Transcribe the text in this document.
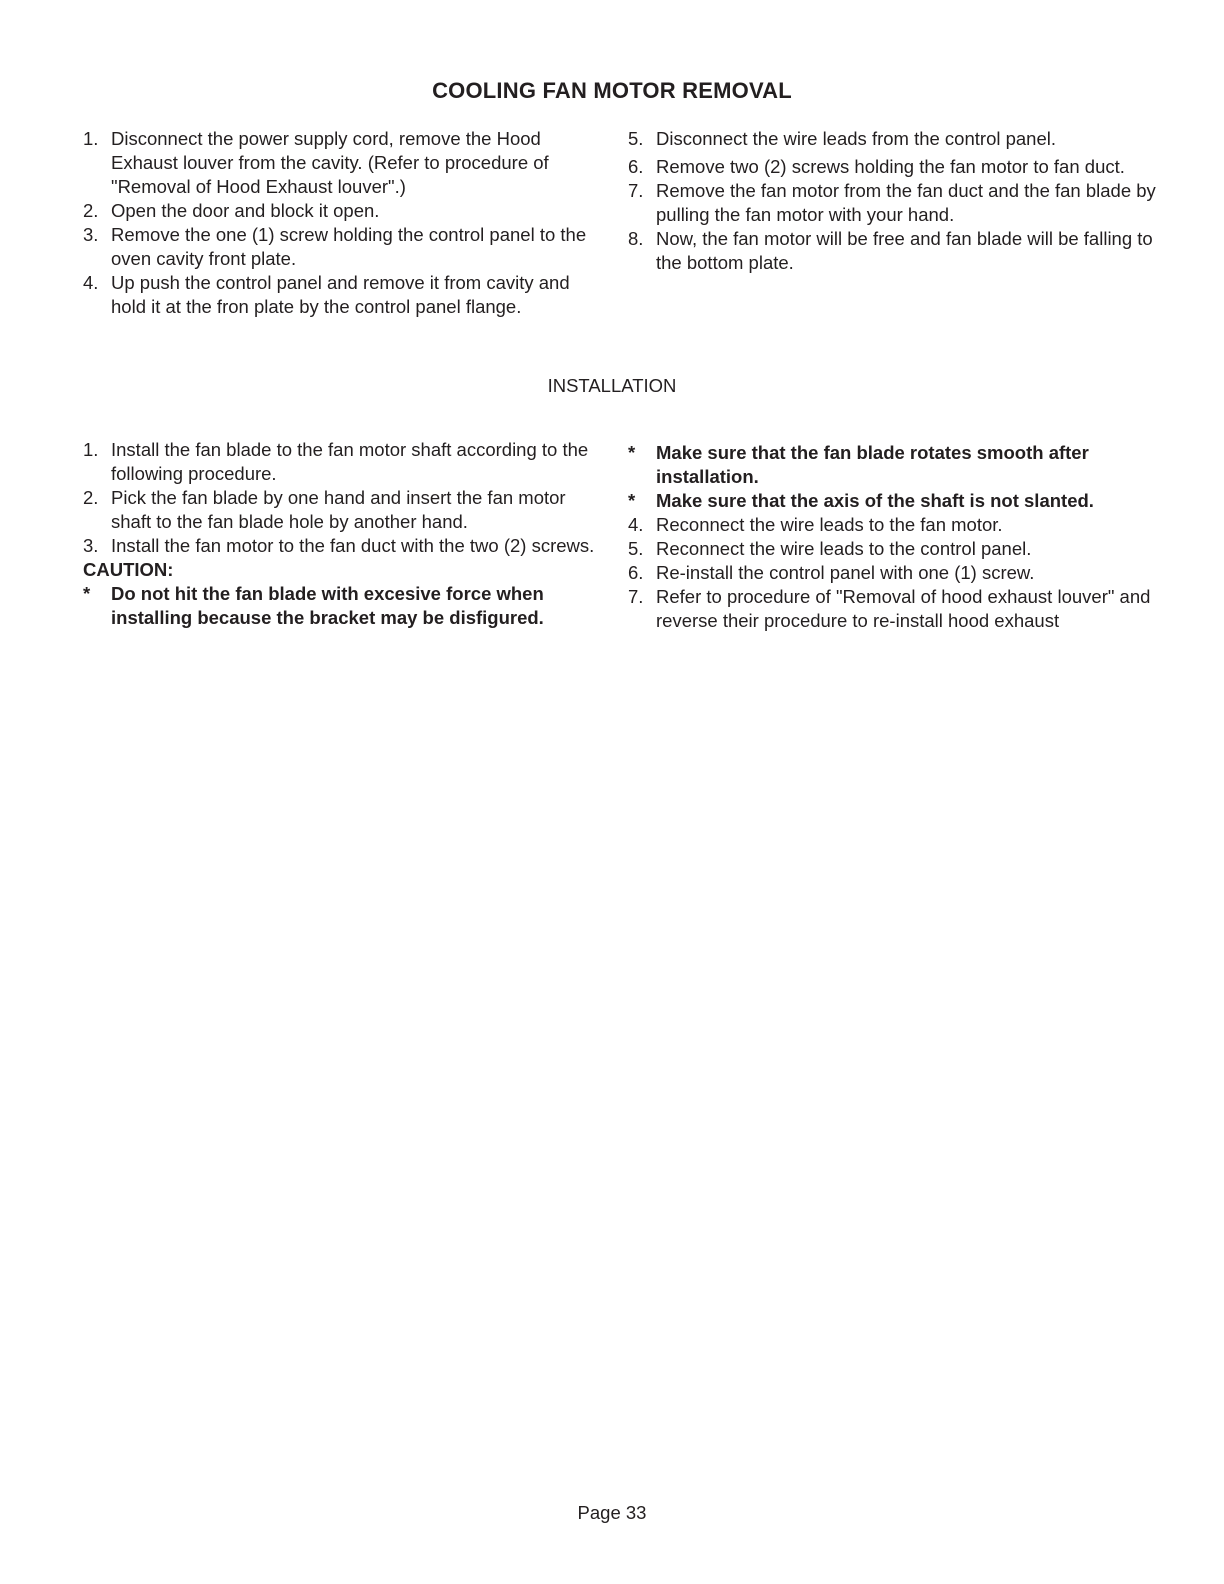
COOLING FAN MOTOR REMOVAL
1. Disconnect the power supply cord, remove the Hood Exhaust louver from the cavity. (Refer to procedure of "Removal of Hood Exhaust louver".)
2. Open the door and block it open.
3. Remove the one (1) screw holding the control panel to the oven cavity front plate.
4. Up push the control panel and remove it from cavity and hold it at the fron plate by the control panel flange.
5. Disconnect the wire leads from the control panel.
6. Remove two (2) screws holding the fan motor to fan duct.
7. Remove the fan motor from the fan duct and the fan blade by pulling the fan motor with your hand.
8. Now, the fan motor will be free and fan blade will be falling to the bottom plate.
INSTALLATION
1. Install the fan blade to the fan motor shaft according to the following procedure.
2. Pick the fan blade by one hand and insert the fan motor shaft to the fan blade hole by another hand.
3. Install the fan motor to the fan duct with the two (2) screws.
CAUTION:
*	Do not hit the fan blade with excesive force when installing because the bracket may be disfigured.
*	Make sure that the fan blade rotates smooth after installation.
*	Make sure that the axis of the shaft is not slanted.
4. Reconnect the wire leads to the fan motor.
5. Reconnect the wire leads to the control panel.
6. Re-install the control panel with one (1) screw.
7. Refer to procedure of "Removal of hood exhaust louver" and reverse their procedure to re-install hood exhaust
Page 33
